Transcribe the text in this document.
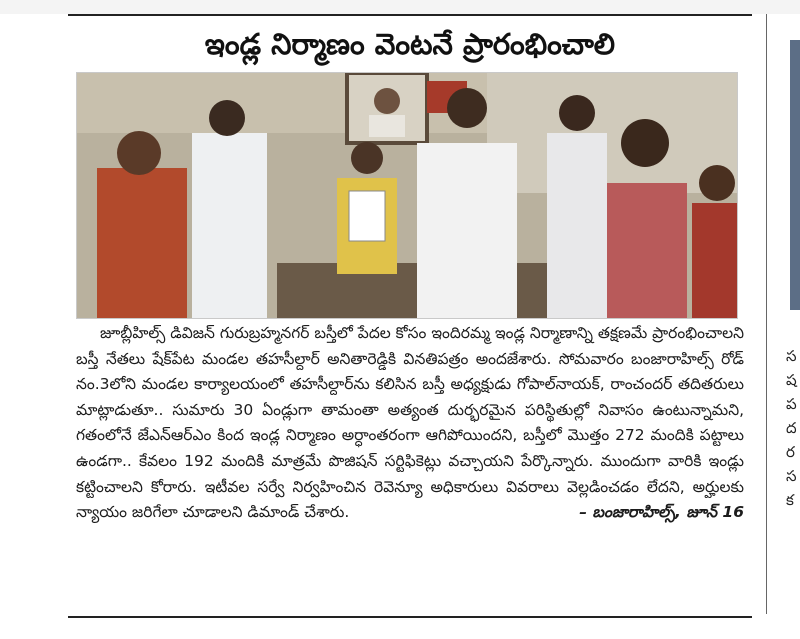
ఇండ్ల నిర్మాణం వెంటనే ప్రారంభించాలి

జూబ్లీహిల్స్ డివిజన్ గురుబ్రహ్మనగర్ బస్తీలో పేదల కోసం ఇందిరమ్మ ఇండ్ల నిర్మాణాన్ని తక్షణమే ప్రారంభించాలని బస్తీ నేతలు షేక్‌పేట మండల తహసీల్దార్ అనితారెడ్డికి వినతిపత్రం అందజేశారు. సోమవారం బంజారాహిల్స్ రోడ్ నం.3లోని మండల కార్యాలయంలో తహసీల్దార్‌ను కలిసిన బస్తీ అధ్యక్షుడు గోపాల్‌నాయక్, రాంచందర్ తదితరులు మాట్లాడుతూ.. సుమారు 30 ఏండ్లుగా తామంతా అత్యంత దుర్భరమైన పరిస్థితుల్లో నివాసం ఉంటున్నామని, గతంలోనే జేఎన్‌ఆర్‌ఎం కింద ఇండ్ల నిర్మాణం అర్ధాంతరంగా ఆగిపోయిందని, బస్తీలో మొత్తం 272 మందికి పట్టాలు ఉండగా.. కేవలం 192 మందికి మాత్రమే పొజిషన్ సర్టిఫికెట్లు వచ్చాయని పేర్కొన్నారు. ముందుగా వారికి ఇండ్లు కట్టించాలని కోరారు. ఇటీవల సర్వే నిర్వహించిన రెవెన్యూ అధికారులు వివరాలు వెల్లడించడం లేదని, అర్హులకు న్యాయం జరిగేలా చూడాలని డిమాండ్ చేశారు.	– బంజారాహిల్స్, జూన్ 16

స ష ప ద ర స క
